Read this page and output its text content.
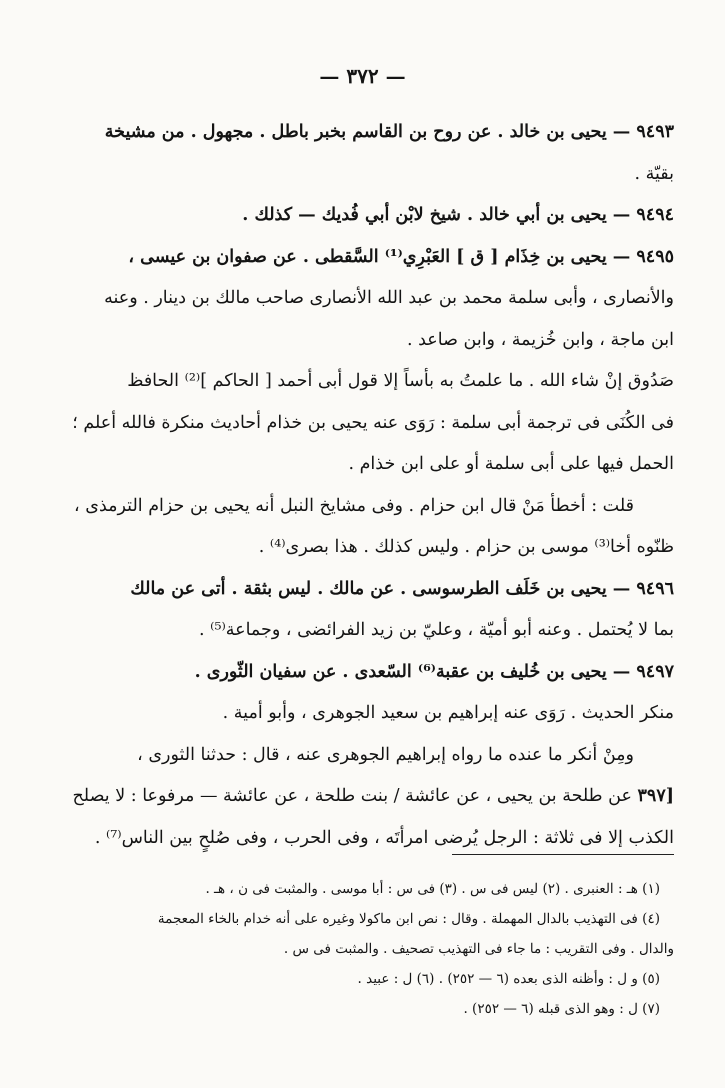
— ٣٧٢ —

٩٤٩٣ — يحيى بن خالد . عن روح بن القاسم بخبر باطل . مجهول . من مشيخة

بقيّة .

٩٤٩٤ — يحيى بن أبي خالد . شيخ لابْن أبي فُديك — كذلك .

٩٤٩٥ — يحيى بن خِذَام [ ق ] العَبْرِي⁽¹⁾ السَّقطى . عن صفوان بن عيسى ،

والأنصارى ، وأبى سلمة محمد بن عبد الله الأنصارى صاحب مالك بن دينار . وعنه

ابن ماجة ، وابن خُزيمة ، وابن صاعد .

صَدُوق إنْ شاء الله . ما علمتُ به بأساً إلا قول أبى أحمد [ الحاكم ]⁽²⁾ الحافظ

فى الكُنَى فى ترجمة أبى سلمة : رَوَى عنه يحيى بن خذام أحاديث منكرة فالله أعلم ؛

الحمل فيها على أبى سلمة أو على ابن خذام .

قلت : أخطأ مَنْ قال ابن حزام . وفى مشايخ النبل أنه يحيى بن حزام الترمذى ،

ظنّوه أخا⁽³⁾ موسى بن حزام . وليس كذلك . هذا بصرى⁽⁴⁾ .

٩٤٩٦ — يحيى بن خَلَف الطرسوسى . عن مالك . ليس بثقة . أتى عن مالك

بما لا يُحتمل . وعنه أبو أميّة ، وعليّ بن زيد الفرائضى ، وجماعة⁽⁵⁾ .

٩٤٩٧ — يحيى بن خُليف بن عقبة⁽⁶⁾ السّعدى . عن سفيان الثّورى .

منكر الحديث . رَوَى عنه إبراهيم بن سعيد الجوهرى ، وأبو أمية .

ومِنْ أنكر ما عنده ما رواه إبراهيم الجوهرى عنه ، قال : حدثنا الثورى ،

[٣٩٧ عن طلحة بن يحيى ، عن عائشة / بنت طلحة ، عن عائشة — مرفوعا : لا يصلح

الكذب إلا فى ثلاثة : الرجل يُرضى امرأتَه ، وفى الحرب ، وفى صُلحٍ بين الناس⁽⁷⁾ .

(١) هـ : العنبرى . (٢) ليس فى س . (٣) فى س : أبا موسى . والمثبت فى ن ، هـ .

(٤) فى التهذيب بالدال المهملة . وقال : نص ابن ماكولا وغيره على أنه خدام بالخاء المعجمة

والدال . وفى التقريب : ما جاء فى التهذيب تصحيف . والمثبت فى س .

(٥) و ل : وأظنه الذى بعده (٦ — ٢٥٢) . (٦) ل : عبيد .

(٧) ل : وهو الذى قبله (٦ — ٢٥٢) .
